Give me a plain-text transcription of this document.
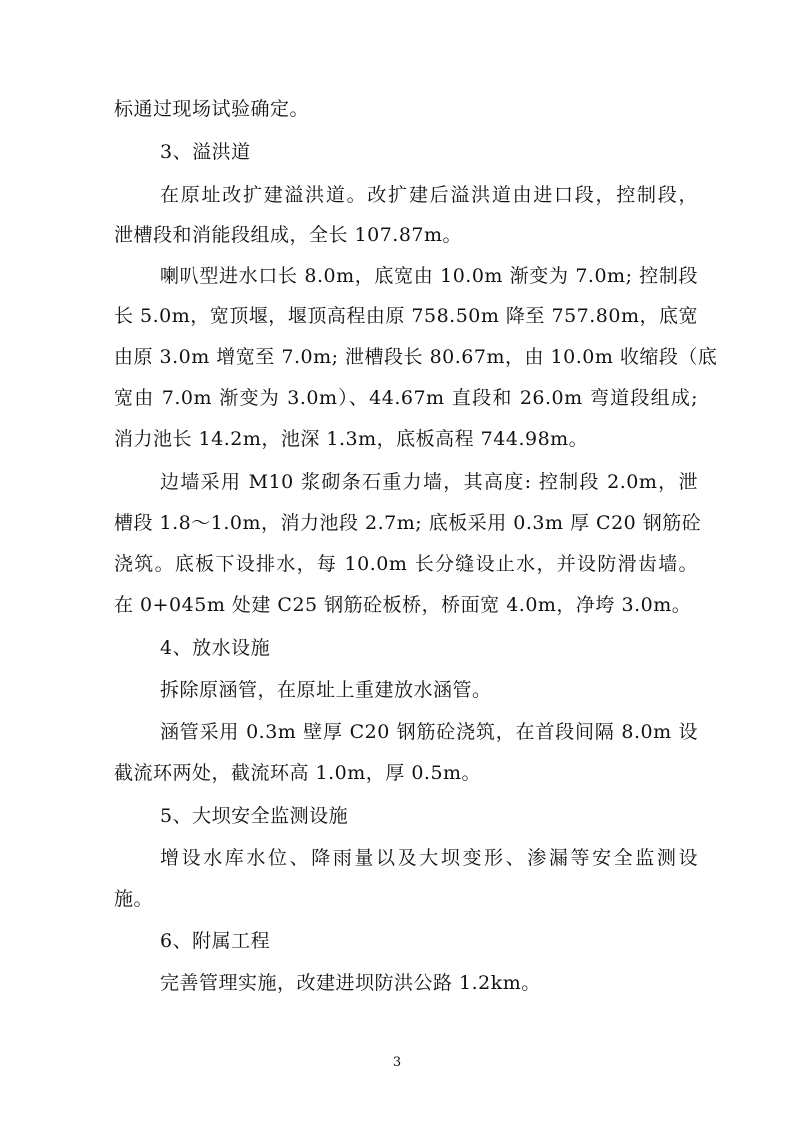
标通过现场试验确定。

3、溢洪道

在原址改扩建溢洪道。改扩建后溢洪道由进口段，控制段，

泄槽段和消能段组成，全长 107.87m。

喇叭型进水口长 8.0m，底宽由 10.0m 渐变为 7.0m; 控制段

长 5.0m，宽顶堰，堰顶高程由原 758.50m 降至 757.80m，底宽

由原 3.0m 增宽至 7.0m; 泄槽段长 80.67m，由 10.0m 收缩段（底

宽由 7.0m 渐变为 3.0m）、44.67m 直段和 26.0m 弯道段组成;

消力池长 14.2m，池深 1.3m，底板高程 744.98m。

边墙采用 M10 浆砌条石重力墙，其高度: 控制段 2.0m，泄

槽段 1.8～1.0m，消力池段 2.7m; 底板采用 0.3m 厚 C20 钢筋砼

浇筑。底板下设排水，每 10.0m 长分缝设止水，并设防滑齿墙。

在 0+045m 处建 C25 钢筋砼板桥，桥面宽 4.0m，净垮 3.0m。

4、放水设施

拆除原涵管，在原址上重建放水涵管。

涵管采用 0.3m 壁厚 C20 钢筋砼浇筑，在首段间隔 8.0m 设

截流环两处，截流环高 1.0m，厚 0.5m。

5、大坝安全监测设施

增设水库水位、降雨量以及大坝变形、渗漏等安全监测设

施。

6、附属工程

完善管理实施，改建进坝防洪公路 1.2km。

3
